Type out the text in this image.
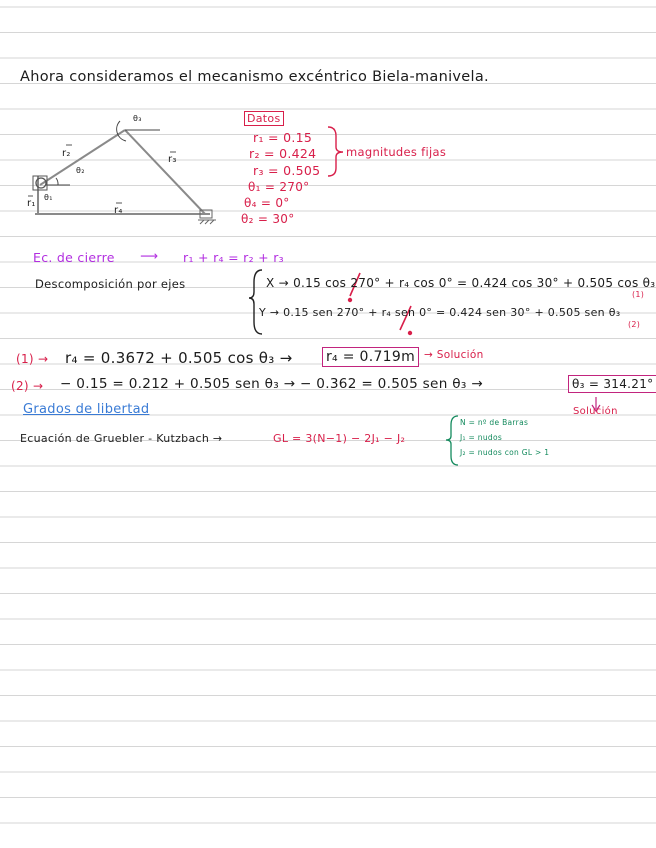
Ahora consideramos el mecanismo excéntrico Biela-manivela.
r₂
r₃
r₄
r₁
θ₃
θ₂
θ₁
Datos
r₁ = 0.15
r₂ = 0.424
r₃ = 0.505
θ₁ = 270°
θ₄ = 0°
θ₂ = 30°
magnitudes fijas
Ec. de cierre ⟶ r₁ + r₄ = r₂ + r₃
Descomposición por ejes	X → 0.15 cos 270° + r₄ cos 0° = 0.424 cos 30° + 0.505 cos θ₃
(1)
Y → 0.15 sen 270° + r₄ sen 0° = 0.424 sen 30° + 0.505 sen θ₃
(2)
(1) → r₄ = 0.3672 + 0.505 cos θ₃ → r₄ = 0.719m → Solución
(2) → − 0.15 = 0.212 + 0.505 sen θ₃ → − 0.362 = 0.505 sen θ₃ →	θ₃ = 314.21°
Solución
Grados de libertad
Ecuación de Gruebler - Kutzbach →	GL = 3(N−1) − 2J₁ − J₂
N = nº de Barras
J₁ = nudos
J₂ = nudos con GL > 1
